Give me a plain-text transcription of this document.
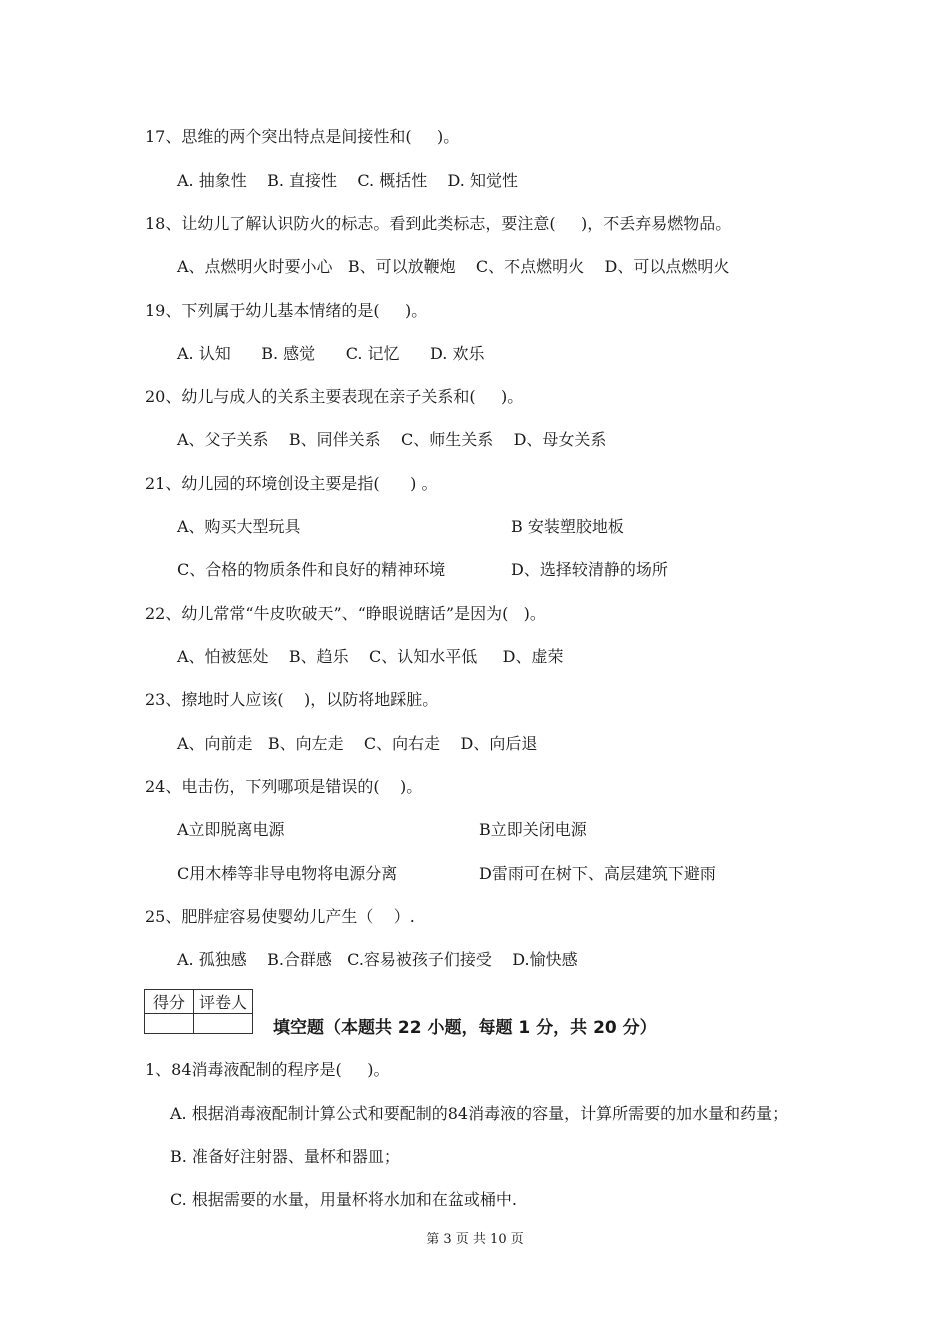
17、思维的两个突出特点是间接性和(     )。
A. 抽象性    B. 直接性    C. 概括性    D. 知觉性
18、让幼儿了解认识防火的标志。看到此类标志，要注意(     )，不丢弃易燃物品。
A、点燃明火时要小心   B、可以放鞭炮    C、不点燃明火    D、可以点燃明火
19、下列属于幼儿基本情绪的是(     )。
A. 认知      B. 感觉      C. 记忆      D. 欢乐
20、幼儿与成人的关系主要表现在亲子关系和(     )。
A、父子关系    B、同伴关系    C、师生关系    D、母女关系
21、幼儿园的环境创设主要是指(      ) 。
A、购买大型玩具	B 安装塑胶地板
C、合格的物质条件和良好的精神环境	D、选择较清静的场所
22、幼儿常常“牛皮吹破天”、“睁眼说瞎话”是因为(   )。
A、怕被惩处    B、趋乐    C、认知水平低     D、虚荣
23、擦地时人应该(    )，以防将地踩脏。
A、向前走   B、向左走    C、向右走    D、向后退
24、电击伤，下列哪项是错误的(    )。
A立即脱离电源	B立即关闭电源
C用木棒等非导电物将电源分离	D雷雨可在树下、高层建筑下避雨
25、肥胖症容易使婴幼儿产生（    ）.
A. 孤独感    B.合群感   C.容易被孩子们接受    D.愉快感
得分	评卷人

填空题（本题共 22 小题，每题 1 分，共 20 分）
1、84消毒液配制的程序是(     )。
A. 根据消毒液配制计算公式和要配制的84消毒液的容量，计算所需要的加水量和药量；
B. 准备好注射器、量杯和器皿；
C. 根据需要的水量，用量杯将水加和在盆或桶中.
第 3 页 共 10 页
